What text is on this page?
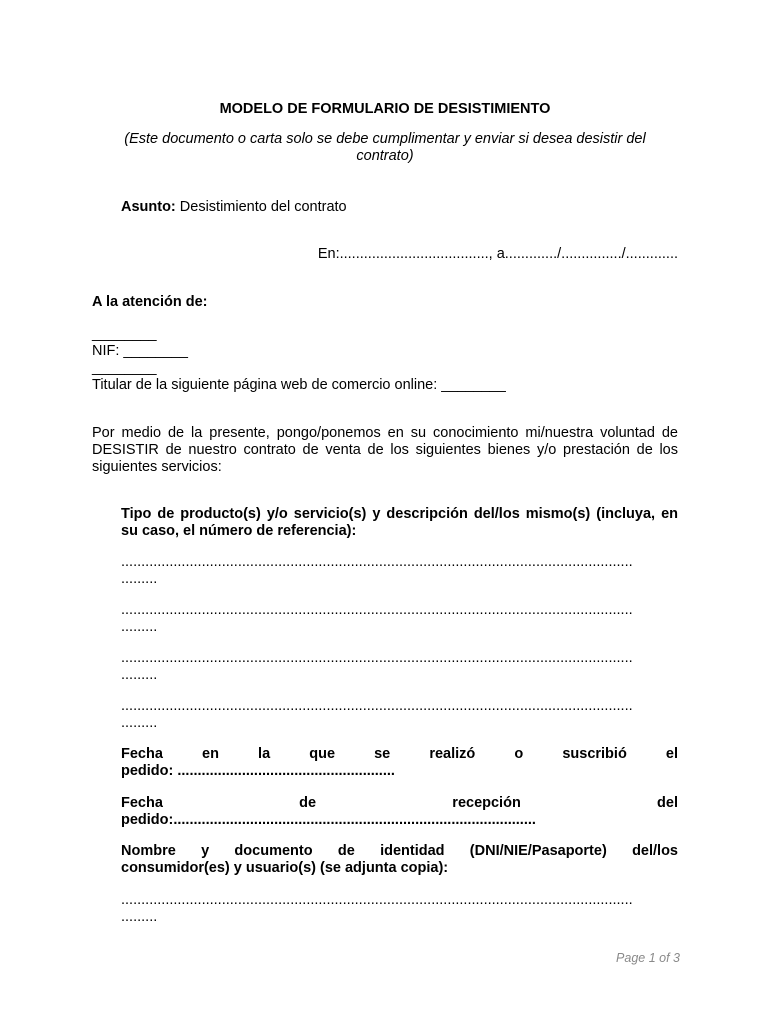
MODELO DE FORMULARIO DE DESISTIMIENTO
(Este documento o carta solo se debe cumplimentar y enviar si desea desistir del contrato)
Asunto: Desistimiento del contrato
En:....................................., a............./.............../.............
A la atención de:
________
NIF: ________
________
Titular de la siguiente página web de comercio online: ________
Por medio de la presente, pongo/ponemos en su conocimiento mi/nuestra voluntad de DESISTIR de nuestro contrato de venta de los siguientes bienes y/o prestación de los siguientes servicios:
Tipo de producto(s) y/o servicio(s) y descripción del/los mismo(s) (incluya, en su caso, el número de referencia):
...............................................................................................................................
.........
...............................................................................................................................
.........
...............................................................................................................................
.........
...............................................................................................................................
.........
Fecha en la que se realizó o suscribió el
pedido: ......................................................
Fecha de recepción del
pedido:..........................................................................................
Nombre y documento de identidad (DNI/NIE/Pasaporte) del/los
consumidor(es) y usuario(s) (se adjunta copia):
...............................................................................................................................
.........
Page 1 of 3
